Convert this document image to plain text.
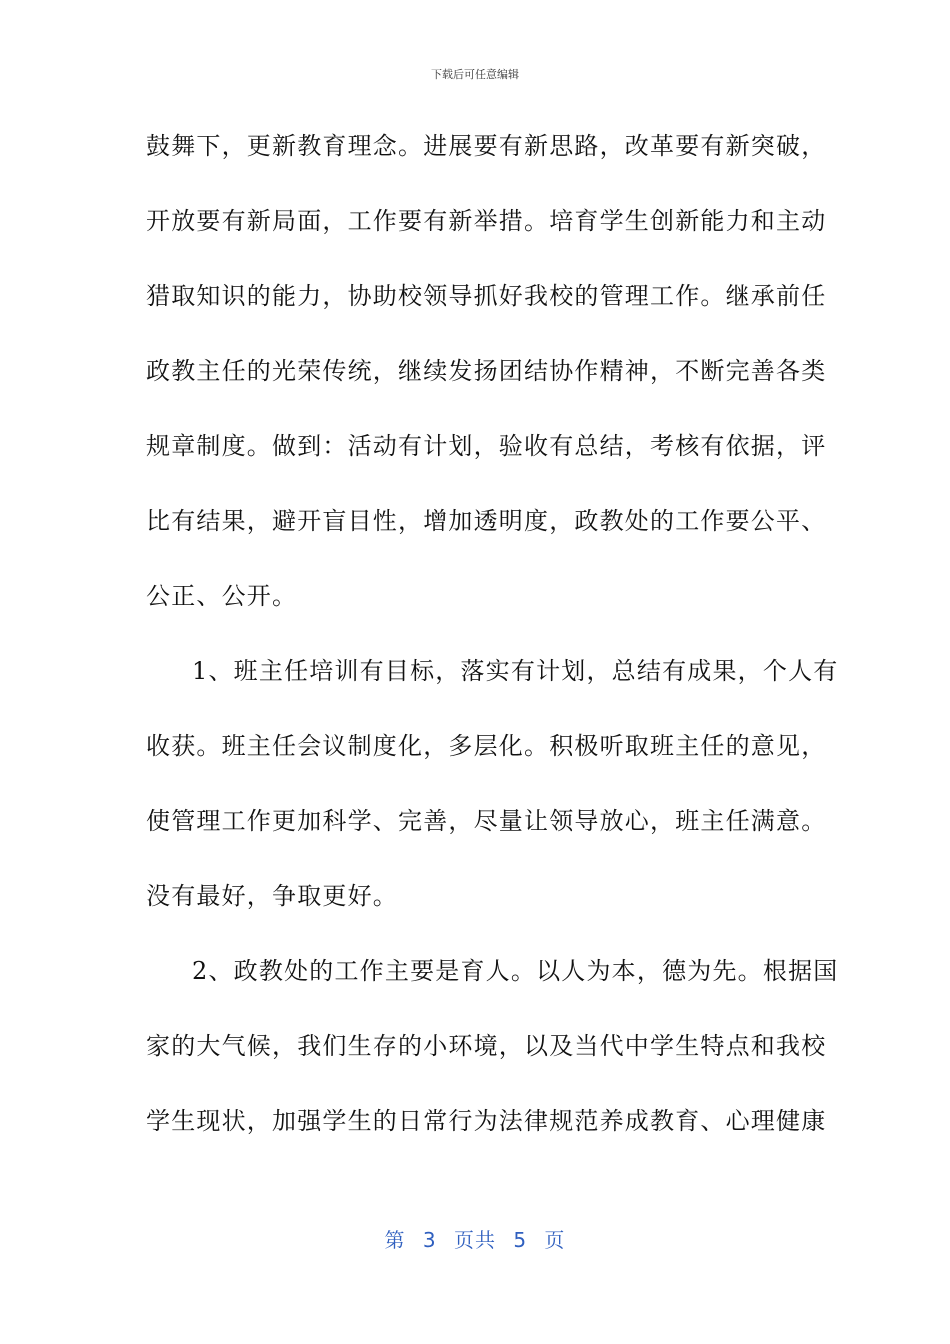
下载后可任意编辑
鼓舞下，更新教育理念。进展要有新思路，改革要有新突破，
开放要有新局面，工作要有新举措。培育学生创新能力和主动
猎取知识的能力，协助校领导抓好我校的管理工作。继承前任
政教主任的光荣传统，继续发扬团结协作精神，不断完善各类
规章制度。做到：活动有计划，验收有总结，考核有依据，评
比有结果，避开盲目性，增加透明度，政教处的工作要公平、
公正、公开。
1、班主任培训有目标，落实有计划，总结有成果，个人有
收获。班主任会议制度化，多层化。积极听取班主任的意见，
使管理工作更加科学、完善，尽量让领导放心，班主任满意。
没有最好，争取更好。
2、政教处的工作主要是育人。以人为本，德为先。根据国
家的大气候，我们生存的小环境，以及当代中学生特点和我校
学生现状，加强学生的日常行为法律规范养成教育、心理健康
第 3 页共 5 页
